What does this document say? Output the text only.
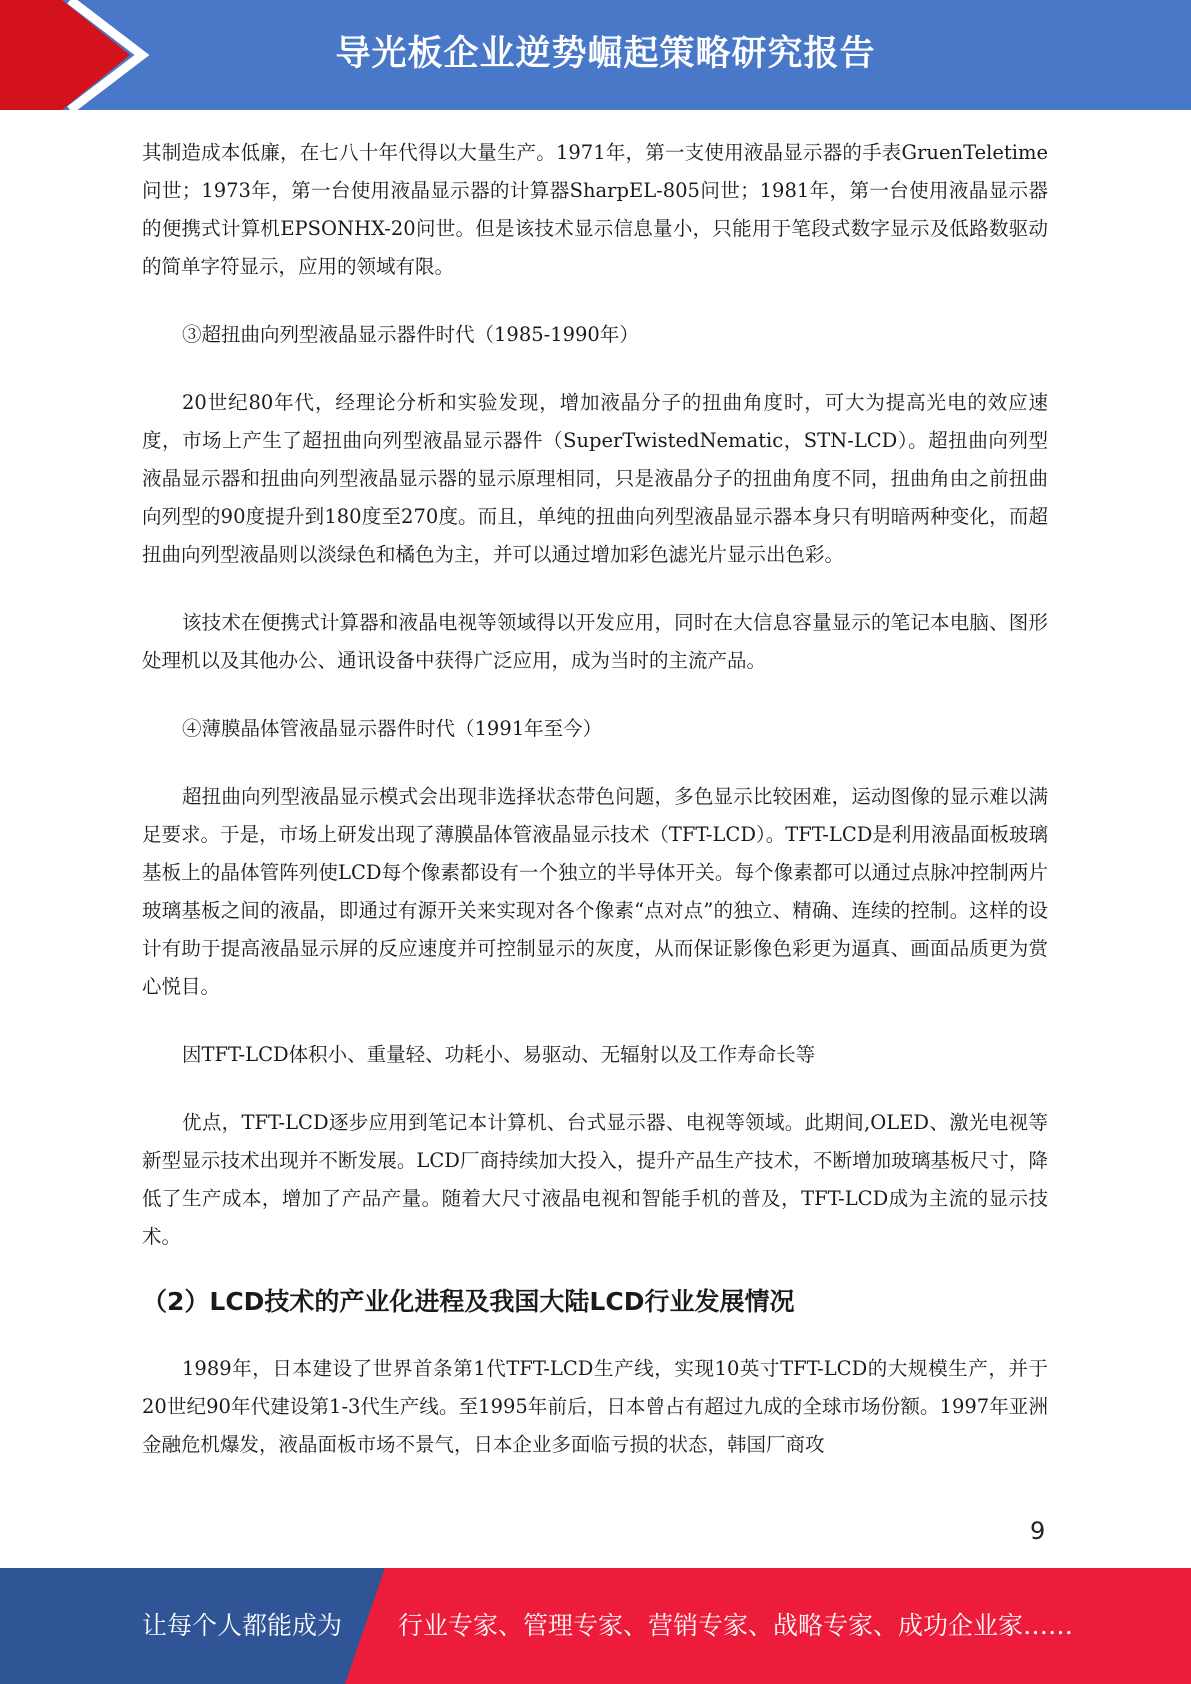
导光板企业逆势崛起策略研究报告

其制造成本低廉，在七八十年代得以大量生产。1971年，第一支使用液晶显示器的手表GruenTeletime问世；1973年，第一台使用液晶显示器的计算器SharpEL-805问世；1981年，第一台使用液晶显示器的便携式计算机EPSONHX-20问世。但是该技术显示信息量小，只能用于笔段式数字显示及低路数驱动的简单字符显示，应用的领域有限。

③超扭曲向列型液晶显示器件时代（1985-1990年）

20世纪80年代，经理论分析和实验发现，增加液晶分子的扭曲角度时，可大为提高光电的效应速度，市场上产生了超扭曲向列型液晶显示器件（SuperTwistedNematic，STN-LCD）。超扭曲向列型液晶显示器和扭曲向列型液晶显示器的显示原理相同，只是液晶分子的扭曲角度不同，扭曲角由之前扭曲向列型的90度提升到180度至270度。而且，单纯的扭曲向列型液晶显示器本身只有明暗两种变化，而超扭曲向列型液晶则以淡绿色和橘色为主，并可以通过增加彩色滤光片显示出色彩。

该技术在便携式计算器和液晶电视等领域得以开发应用，同时在大信息容量显示的笔记本电脑、图形处理机以及其他办公、通讯设备中获得广泛应用，成为当时的主流产品。

④薄膜晶体管液晶显示器件时代（1991年至今）

超扭曲向列型液晶显示模式会出现非选择状态带色问题，多色显示比较困难，运动图像的显示难以满足要求。于是，市场上研发出现了薄膜晶体管液晶显示技术（TFT-LCD）。TFT-LCD是利用液晶面板玻璃基板上的晶体管阵列使LCD每个像素都设有一个独立的半导体开关。每个像素都可以通过点脉冲控制两片玻璃基板之间的液晶，即通过有源开关来实现对各个像素“点对点”的独立、精确、连续的控制。这样的设计有助于提高液晶显示屏的反应速度并可控制显示的灰度，从而保证影像色彩更为逼真、画面品质更为赏心悦目。

因TFT-LCD体积小、重量轻、功耗小、易驱动、无辐射以及工作寿命长等

优点，TFT-LCD逐步应用到笔记本计算机、台式显示器、电视等领域。此期间,OLED、激光电视等新型显示技术出现并不断发展。LCD厂商持续加大投入，提升产品生产技术，不断增加玻璃基板尺寸，降低了生产成本，增加了产品产量。随着大尺寸液晶电视和智能手机的普及，TFT-LCD成为主流的显示技术。

（2）LCD技术的产业化进程及我国大陆LCD行业发展情况

1989年，日本建设了世界首条第1代TFT-LCD生产线，实现10英寸TFT-LCD的大规模生产，并于20世纪90年代建设第1-3代生产线。至1995年前后，日本曾占有超过九成的全球市场份额。1997年亚洲金融危机爆发，液晶面板市场不景气，日本企业多面临亏损的状态，韩国厂商攻

9
让每个人都能成为 行业专家、管理专家、营销专家、战略专家、成功企业家……
